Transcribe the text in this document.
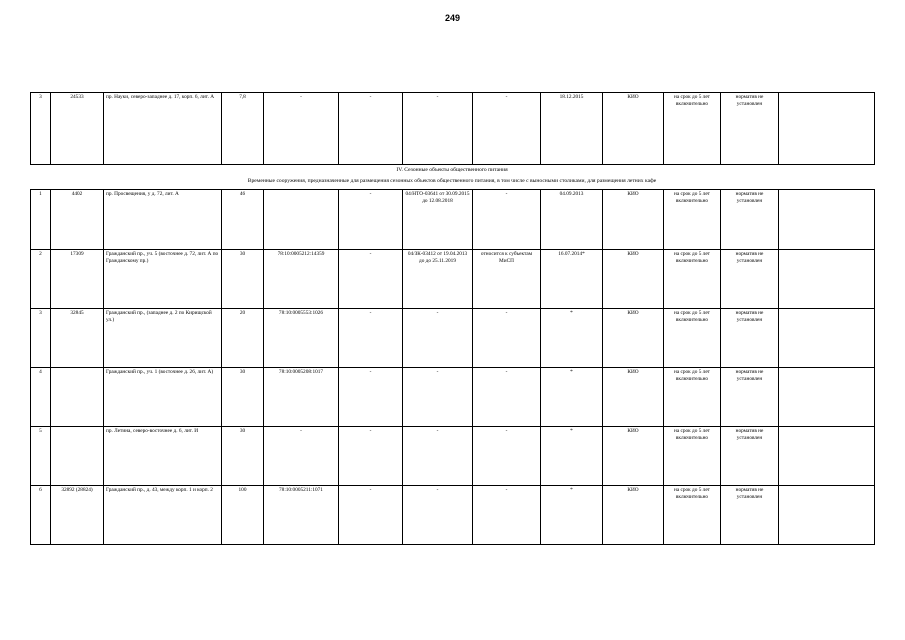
249
3	24533	пр. Науки, северо-западнее д. 17, корп. 6, лит. А	7,8	-	-	-	-	18.12.2015	КИО	на срок до 5 лет включительно	норматив не установлен	
IV. Сезонные объекты общественного питания
Временные сооружения, предназначенные для размещения сезонных объектов общественного питания, в том числе с выносными столиками, для размещения летних кафе
1	4402	пр. Просвещения, у д. 72, лит. А	46		-	04/НТО-03641 от 30.09.2015 до 12.08.2018	-	04.09.2013	КИО	на срок до 5 лет включительно	норматив не установлен	
2	17309	Гражданский пр., уч. 5 (восточнее д. 72, лит. А по Гражданскому пр.)	30	78:10:0005212:14359	-	04/ЗК-03412 от 19.04.2013 до до 25.11.2019	относится к субъектам МиСП	16.07.2014*	КИО	на срок до 5 лет включительно	норматив не установлен	
3	32845	Гражданский пр., (западнее д. 2 по Кирищской ул.)	20	78:10:0005553:1026	-	-	-	*	КИО	на срок до 5 лет включительно	норматив не установлен	
4		Гражданский пр., уч. 1 (восточнее д. 26, лит. А)	30	78:10:0005208:1017	-	-	-	*	КИО	на срок до 5 лет включительно	норматив не установлен	
5		пр. Летина, северо-восточнее д. 6, лит. И	30	-	-	-	-	*	КИО	на срок до 5 лет включительно	норматив не установлен	
6	32892 (28824)	Гражданский пр., д. 43, между корп. 1 и корп. 2	100	78:10:0005211:1071	-	-	-	*	КИО	на срок до 5 лет включительно	норматив не установлен	
